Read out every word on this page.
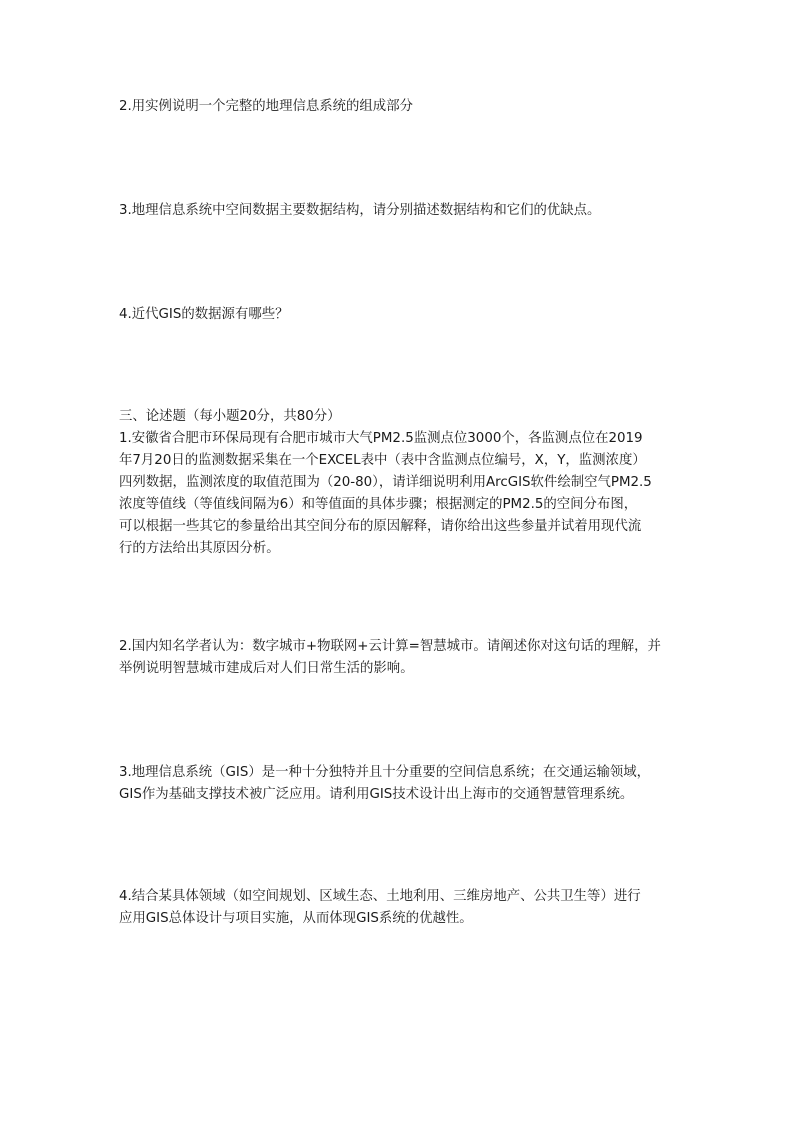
2.用实例说明一个完整的地理信息系统的组成部分
3.地理信息系统中空间数据主要数据结构，请分别描述数据结构和它们的优缺点。
4.近代GIS的数据源有哪些？
三、论述题（每小题20分，共80分）
1.安徽省合肥市环保局现有合肥市城市大气PM2.5监测点位3000个，各监测点位在2019
年7月20日的监测数据采集在一个EXCEL表中（表中含监测点位编号，X，Y，监测浓度）
四列数据，监测浓度的取值范围为（20-80），请详细说明利用ArcGIS软件绘制空气PM2.5
浓度等值线（等值线间隔为6）和等值面的具体步骤；根据测定的PM2.5的空间分布图，
可以根据一些其它的参量给出其空间分布的原因解释，请你给出这些参量并试着用现代流
行的方法给出其原因分析。
2.国内知名学者认为：数字城市+物联网+云计算=智慧城市。请阐述你对这句话的理解，并
举例说明智慧城市建成后对人们日常生活的影响。
3.地理信息系统（GIS）是一种十分独特并且十分重要的空间信息系统；在交通运输领域，
GIS作为基础支撑技术被广泛应用。请利用GIS技术设计出上海市的交通智慧管理系统。
4.结合某具体领域（如空间规划、区域生态、土地利用、三维房地产、公共卫生等）进行
应用GIS总体设计与项目实施，从而体现GIS系统的优越性。
